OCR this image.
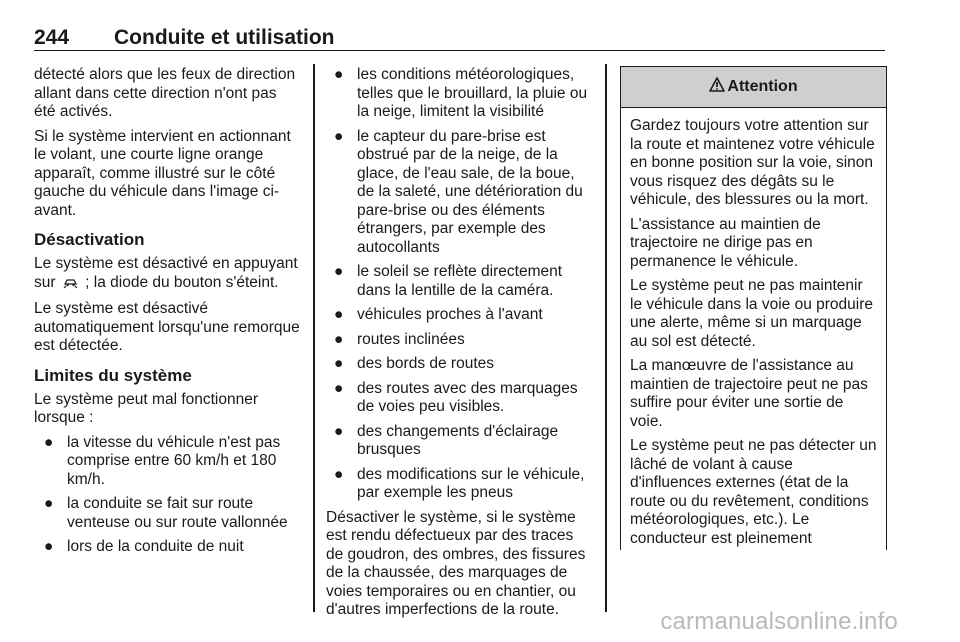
244 Conduite et utilisation

détecté alors que les feux de direction allant dans cette direction n'ont pas été activés.

Si le système intervient en actionnant le volant, une courte ligne orange apparaît, comme illustré sur le côté gauche du véhicule dans l'image ci-avant.

Désactivation

Le système est désactivé en appuyant sur ; la diode du bouton s'éteint.

Le système est désactivé automatiquement lorsqu'une remorque est détectée.

Limites du système

Le système peut mal fonctionner lorsque :

● la vitesse du véhicule n'est pas comprise entre 60 km/h et 180 km/h.
● la conduite se fait sur route venteuse ou sur route vallonnée
● lors de la conduite de nuit
● les conditions météorologiques, telles que le brouillard, la pluie ou la neige, limitent la visibilité
● le capteur du pare-brise est obstrué par de la neige, de la glace, de l'eau sale, de la boue, de la saleté, une détérioration du pare-brise ou des éléments étrangers, par exemple des autocollants
● le soleil se reflète directement dans la lentille de la caméra.
● véhicules proches à l'avant
● routes inclinées
● des bords de routes
● des routes avec des marquages de voies peu visibles.
● des changements d'éclairage brusques
● des modifications sur le véhicule, par exemple les pneus

Désactiver le système, si le système est rendu défectueux par des traces de goudron, des ombres, des fissures de la chaussée, des marquages de voies temporaires ou en chantier, ou d'autres imperfections de la route.

Attention

Gardez toujours votre attention sur la route et maintenez votre véhicule en bonne position sur la voie, sinon vous risquez des dégâts su le véhicule, des blessures ou la mort.

L'assistance au maintien de trajectoire ne dirige pas en permanence le véhicule.

Le système peut ne pas maintenir le véhicule dans la voie ou produire une alerte, même si un marquage au sol est détecté.

La manœuvre de l'assistance au maintien de trajectoire peut ne pas suffire pour éviter une sortie de voie.

Le système peut ne pas détecter un lâché de volant à cause d'influences externes (état de la route ou du revêtement, conditions météorologiques, etc.). Le conducteur est pleinement

carmanualsonline.info
